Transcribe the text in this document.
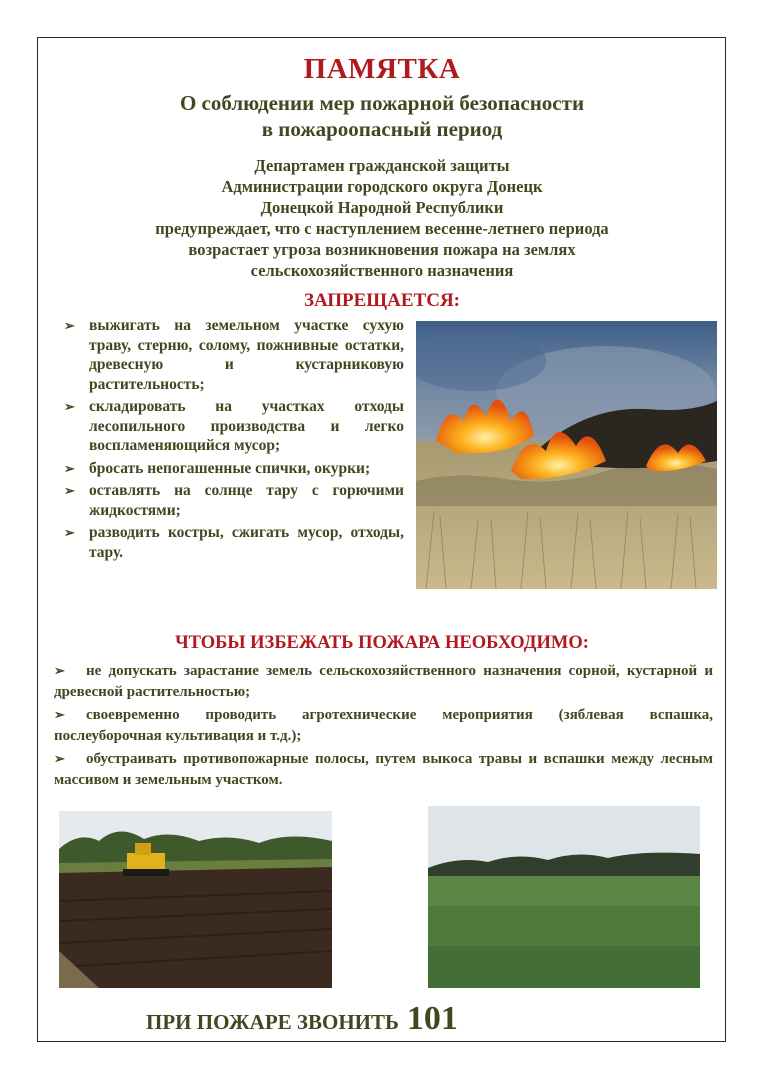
ПАМЯТКА
О соблюдении мер пожарной безопасности
в пожароопасный период
Департамен гражданской защиты
Администрации городского округа Донецк
Донецкой Народной Республики
предупреждает, что с наступлением весенне-летнего периода
возрастает угроза возникновения пожара на землях
сельскохозяйственного назначения
ЗАПРЕЩАЕТСЯ:
➢ выжигать на земельном участке сухую траву, стерню, солому, пожнивные остатки, древесную и кустарниковую растительность;
➢ складировать на участках отходы лесопильного производства и легко воспламеняющийся мусор;
➢ бросать непогашенные спички, окурки;
➢ оставлять на солнце тару с горючими жидкостями;
➢ разводить костры, сжигать мусор, отходы, тару.
ЧТОБЫ ИЗБЕЖАТЬ ПОЖАРА НЕОБХОДИМО:
➢ не допускать зарастание земель сельскохозяйственного назначения сорной, кустарной и древесной растительностью;
➢ своевременно проводить агротехнические мероприятия (зяблевая вспашка, послеуборочная культивация и т.д.);
➢ обустраивать противопожарные полосы, путем выкоса травы и вспашки между лесным массивом и земельным участком.
ПРИ ПОЖАРЕ ЗВОНИТЬ 101
